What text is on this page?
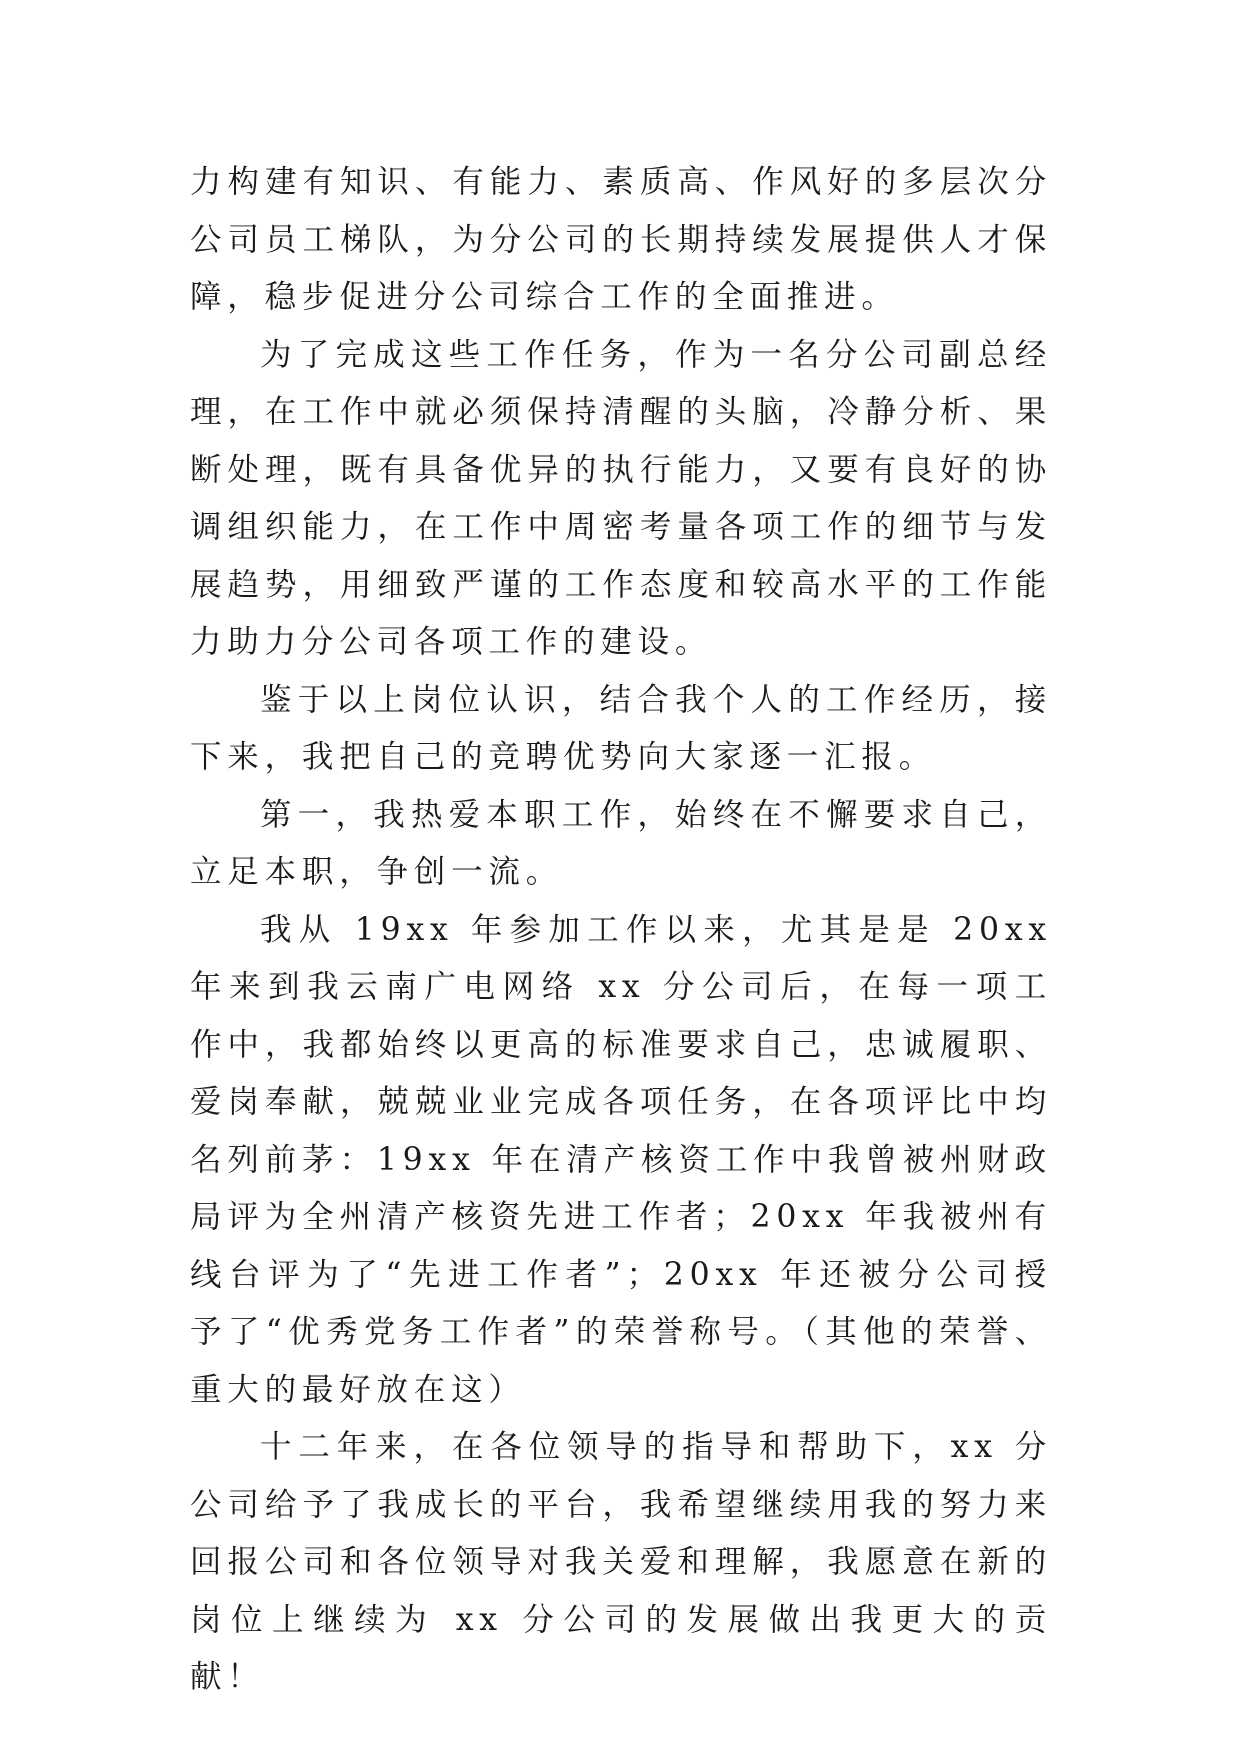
力构建有知识、有能力、素质高、作风好的多层次分公司员工梯队，为分公司的长期持续发展提供人才保障，稳步促进分公司综合工作的全面推进。

为了完成这些工作任务，作为一名分公司副总经理，在工作中就必须保持清醒的头脑，冷静分析、果断处理，既有具备优异的执行能力，又要有良好的协调组织能力，在工作中周密考量各项工作的细节与发展趋势，用细致严谨的工作态度和较高水平的工作能力助力分公司各项工作的建设。

鉴于以上岗位认识，结合我个人的工作经历，接下来，我把自己的竞聘优势向大家逐一汇报。

第一，我热爱本职工作，始终在不懈要求自己，立足本职，争创一流。

我从 19xx 年参加工作以来，尤其是是 20xx 年来到我云南广电网络 xx 分公司后，在每一项工作中，我都始终以更高的标准要求自己，忠诚履职、爱岗奉献，兢兢业业完成各项任务，在各项评比中均名列前茅：19xx 年在清产核资工作中我曾被州财政局评为全州清产核资先进工作者；20xx 年我被州有线台评为了“先进工作者”；20xx 年还被分公司授予了“优秀党务工作者”的荣誉称号。（其他的荣誉、重大的最好放在这）

十二年来，在各位领导的指导和帮助下，xx 分公司给予了我成长的平台，我希望继续用我的努力来回报公司和各位领导对我关爱和理解，我愿意在新的岗位上继续为 xx 分公司的发展做出我更大的贡献！
